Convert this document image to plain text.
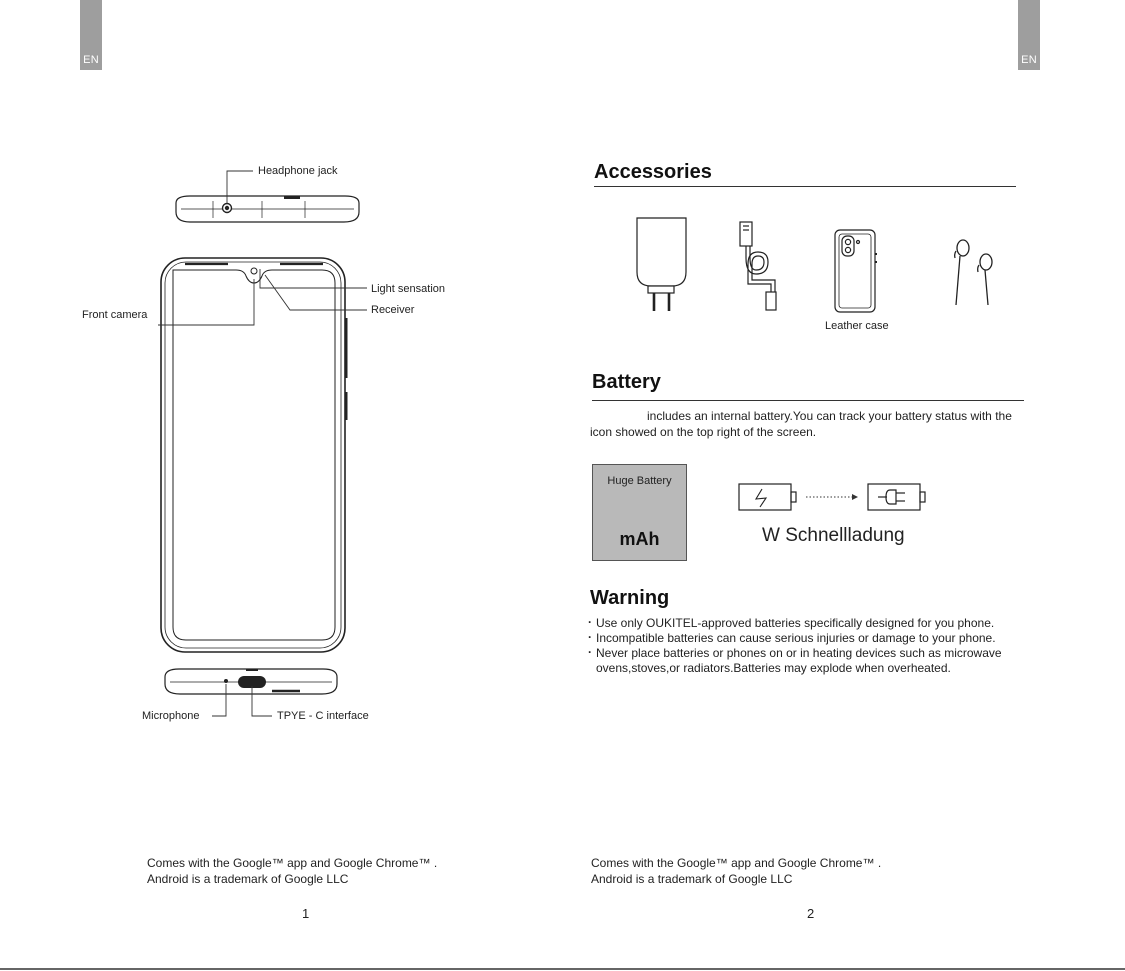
EN	EN
Headphone jack
Light sensation
Front camera	Receiver
Microphone	TPYE - C interface
Comes with the Google™ app and Google Chrome™ .
Android is a trademark of Google LLC
1
Accessories
Leather case
Battery
includes an internal battery.You can track your battery status with the icon showed on the top right of the screen.
Huge Battery
mAh	W Schnellladung
Warning
· Use only OUKITEL-approved batteries specifically designed for you phone.
· Incompatible batteries can cause serious injuries or damage to your phone.
· Never place batteries or phones on or in heating devices such as microwave ovens,stoves,or radiators.Batteries may explode when overheated.
Comes with the Google™ app and Google Chrome™ .
Android is a trademark of Google LLC
2
